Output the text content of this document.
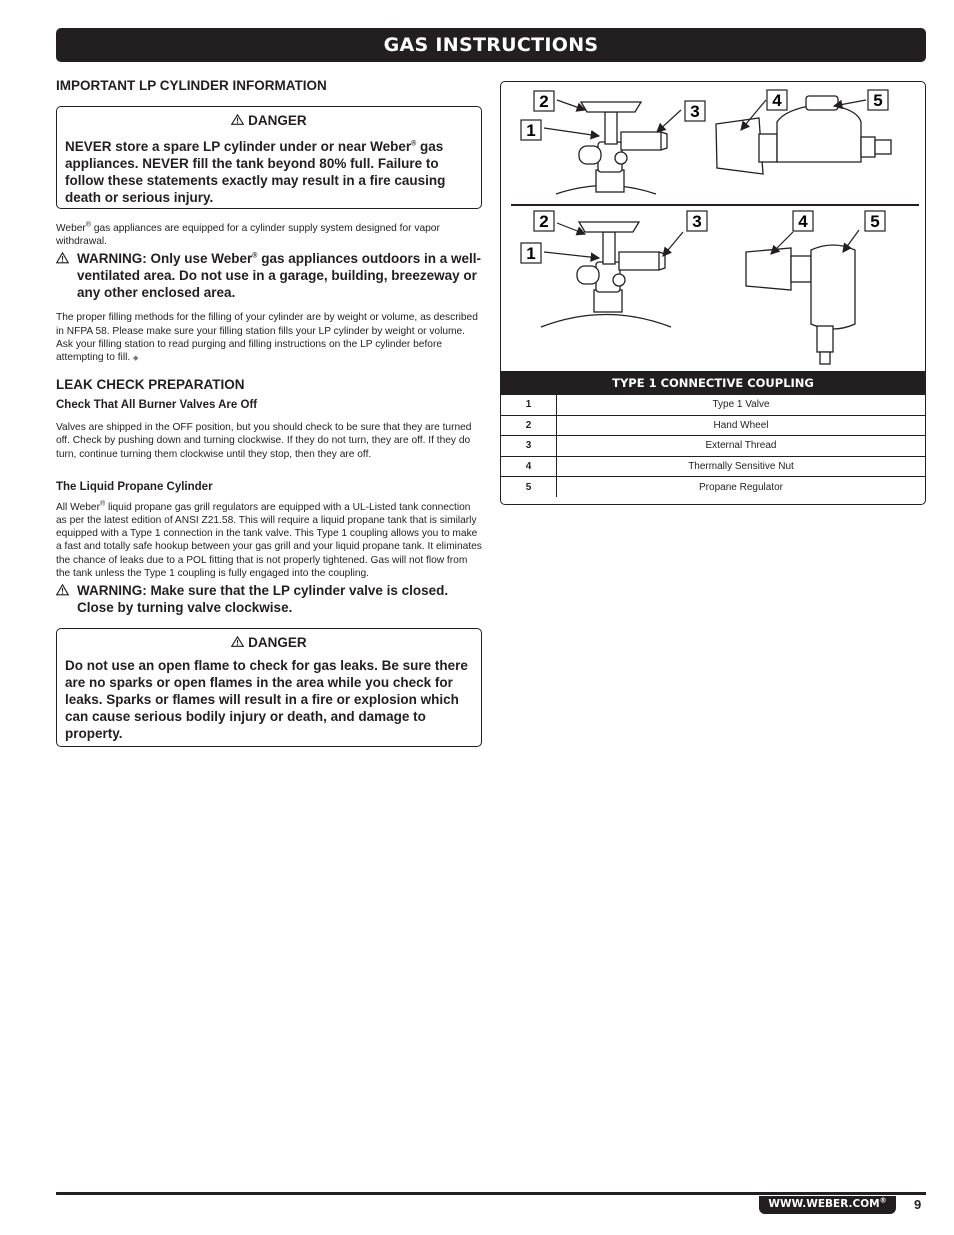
GAS INSTRUCTIONS

IMPORTANT LP CYLINDER INFORMATION

DANGER

NEVER store a spare LP cylinder under or near Weber® gas appliances. NEVER fill the tank beyond 80% full. Failure to follow these statements exactly may result in a fire causing death or serious injury.

Weber® gas appliances are equipped for a cylinder supply system designed for vapor withdrawal.

WARNING: Only use Weber® gas appliances outdoors in a well-ventilated area. Do not use in a garage, building, breezeway or any other enclosed area.

The proper filling methods for the filling of your cylinder are by weight or volume, as described in NFPA 58. Please make sure your filling station fills your LP cylinder by weight or volume. Ask your filling station to read purging and filling instructions on the LP cylinder before attempting to fill. ◆

LEAK CHECK PREPARATION

Check That All Burner Valves Are Off

Valves are shipped in the OFF position, but you should check to be sure that they are turned off. Check by pushing down and turning clockwise. If they do not turn, they are off. If they do turn, continue turning them clockwise until they stop, then they are off.

The Liquid Propane Cylinder

All Weber® liquid propane gas grill regulators are equipped with a UL-Listed tank connection as per the latest edition of ANSI Z21.58. This will require a liquid propane tank that is similarly equipped with a Type 1 connection in the tank valve. This Type 1 coupling allows you to make a fast and totally safe hookup between your gas grill and your liquid propane tank. It eliminates the chance of leaks due to a POL fitting that is not properly tightened. Gas will not flow from the tank unless the Type 1 coupling is fully engaged into the coupling.

WARNING: Make sure that the LP cylinder valve is closed. Close by turning valve clockwise.

DANGER

Do not use an open flame to check for gas leaks. Be sure there are no sparks or open flames in the area while you check for leaks. Sparks or flames will result in a fire or explosion which can cause serious bodily injury or death, and damage to property.

1
2
3
4	5
1
2	3	4	5
TYPE 1 CONNECTIVE COUPLING
1	Type 1 Valve
2	Hand Wheel
3	External Thread
4	Thermally Sensitive Nut
5	Propane Regulator
WWW.WEBER.COM®	9
